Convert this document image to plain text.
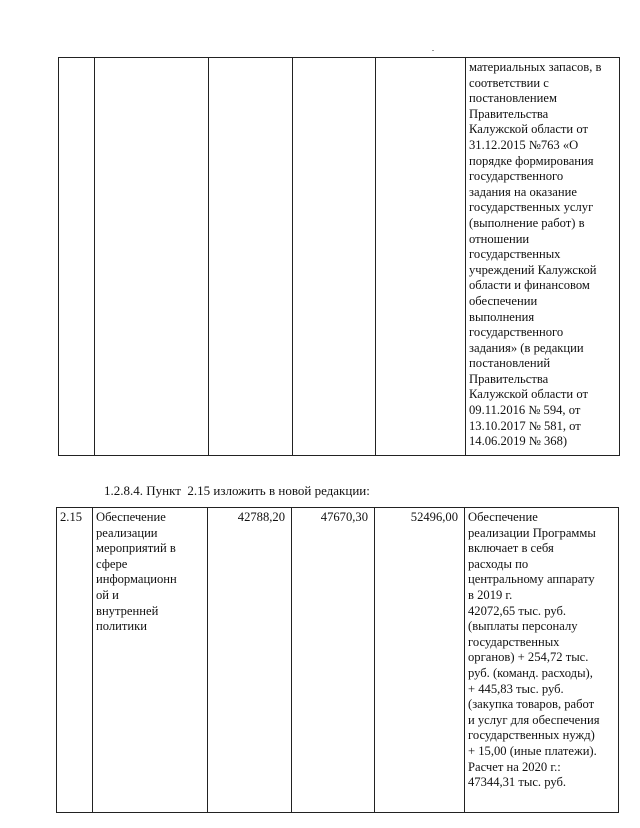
материальных запасов, в
соответствии с
постановлением
Правительства
Калужской области от
31.12.2015 №763 «О
порядке формирования
государственного
задания на оказание
государственных услуг
(выполнение работ) в
отношении
государственных
учреждений Калужской
области и финансовом
обеспечении
выполнения
государственного
задания» (в редакции
постановлений
Правительства
Калужской области от
09.11.2016 № 594, от
13.10.2017 № 581, от
14.06.2019 № 368)
1.2.8.4. Пункт  2.15 изложить в новой редакции:
2.15	Обеспечение
реализации
мероприятий в
сфере
информационн
ой и
внутренней
политики
	42788,20	47670,30	52496,00	Обеспечение
реализации Программы
включает в себя
расходы по
центральному аппарату
в 2019 г.
42072,65 тыс. руб.
(выплаты персоналу
государственных
органов) + 254,72 тыс.
руб. (команд. расходы),
+ 445,83 тыс. руб.
(закупка товаров, работ
и услуг для обеспечения
государственных нужд)
+ 15,00 (иные платежи).
Расчет на 2020 г.:
47344,31 тыс. руб.
